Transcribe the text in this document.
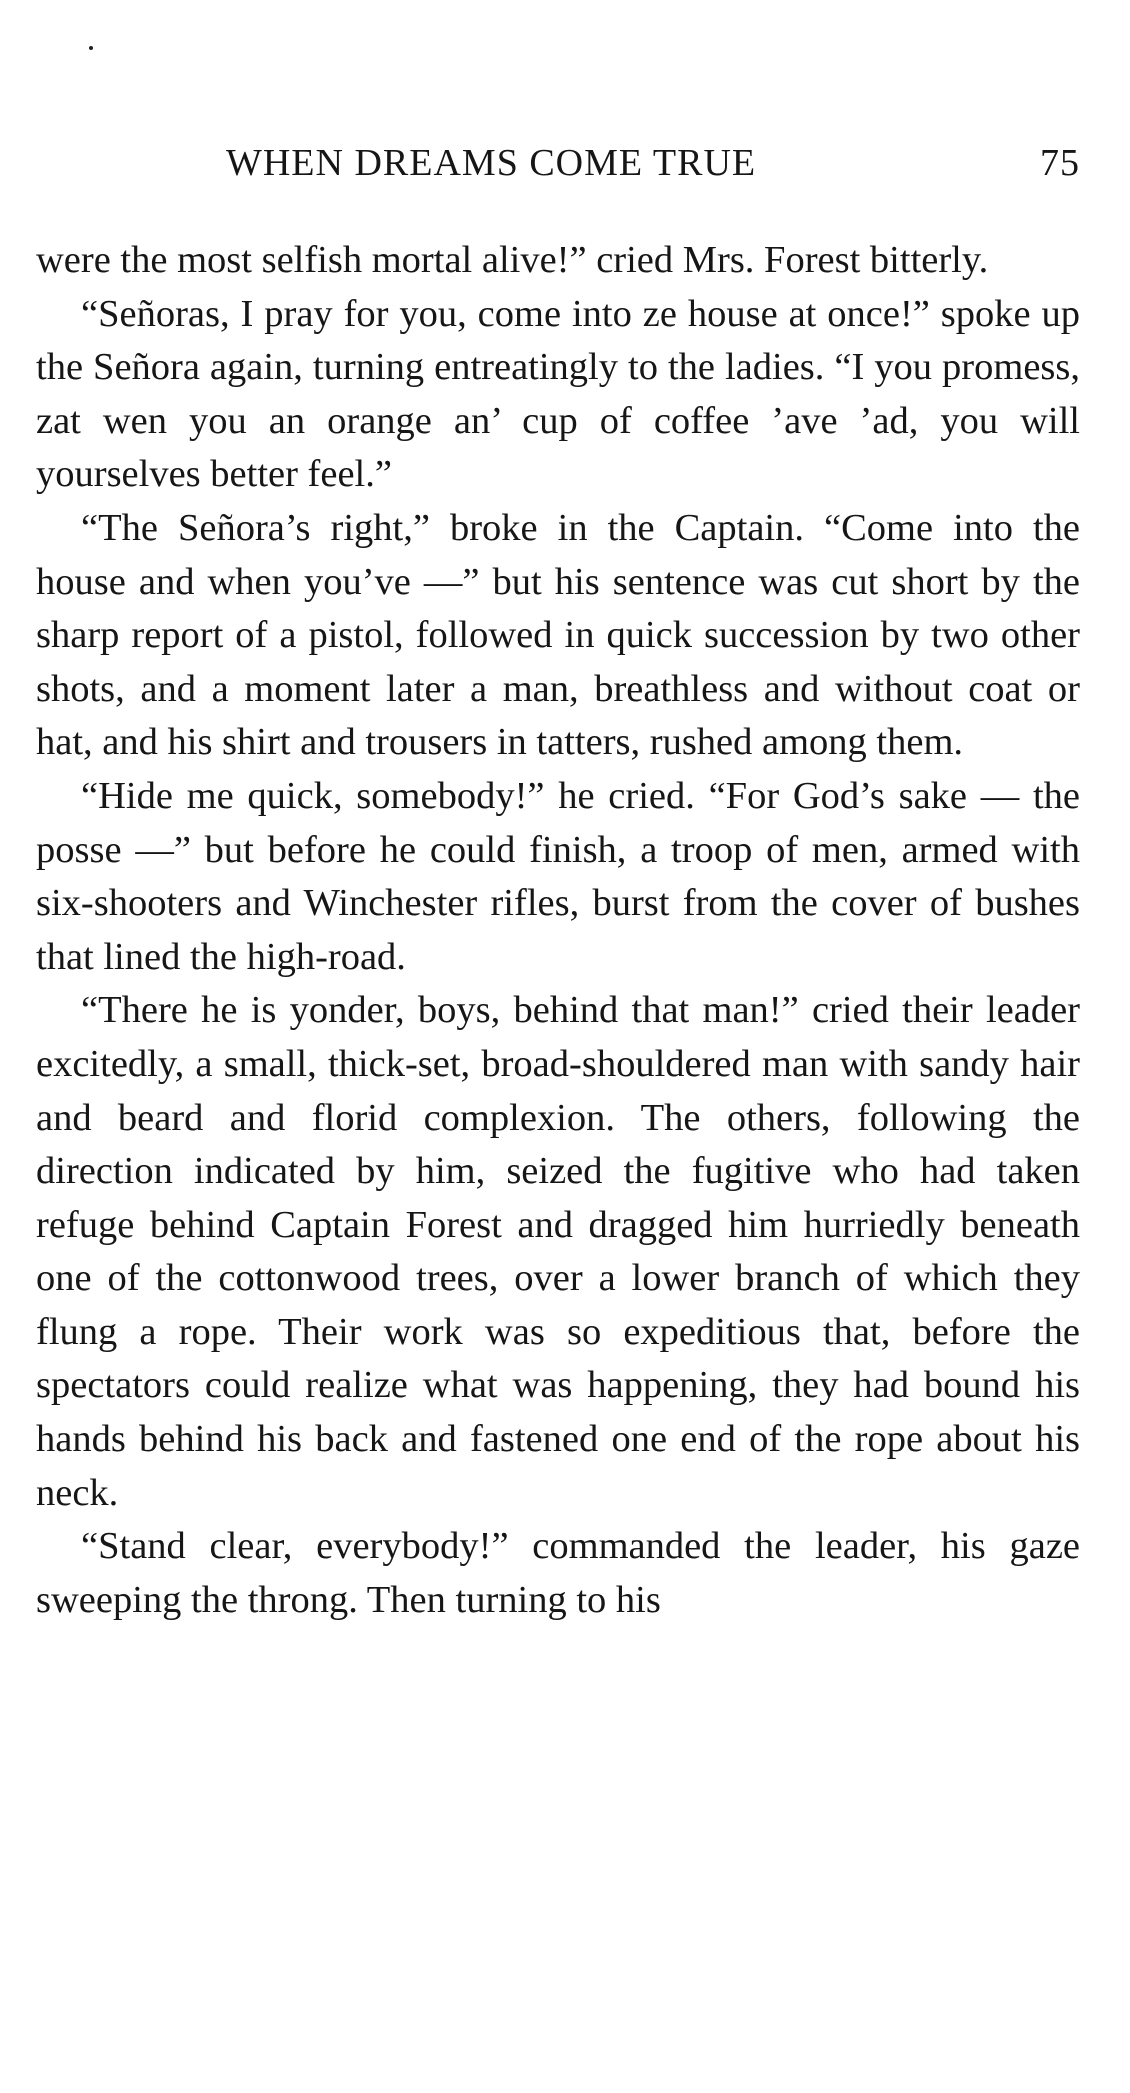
WHEN DREAMS COME TRUE	75

were the most selfish mortal alive!” cried Mrs. Forest bitterly.

“Señoras, I pray for you, come into ze house at once!” spoke up the Señora again, turning entreatingly to the ladies. “I you promess, zat wen you an orange an’ cup of coffee ’ave ’ad, you will yourselves better feel.”

“The Señora’s right,” broke in the Captain. “Come into the house and when you’ve —” but his sentence was cut short by the sharp report of a pistol, followed in quick succession by two other shots, and a moment later a man, breathless and without coat or hat, and his shirt and trousers in tatters, rushed among them.

“Hide me quick, somebody!” he cried. “For God’s sake — the posse —” but before he could finish, a troop of men, armed with six-shooters and Winchester rifles, burst from the cover of bushes that lined the high-road.

“There he is yonder, boys, behind that man!” cried their leader excitedly, a small, thick-set, broad-shouldered man with sandy hair and beard and florid complexion. The others, following the direction indicated by him, seized the fugitive who had taken refuge behind Captain Forest and dragged him hurriedly beneath one of the cottonwood trees, over a lower branch of which they flung a rope. Their work was so expeditious that, before the spectators could realize what was happening, they had bound his hands behind his back and fastened one end of the rope about his neck.

“Stand clear, everybody!” commanded the leader, his gaze sweeping the throng. Then turning to his
